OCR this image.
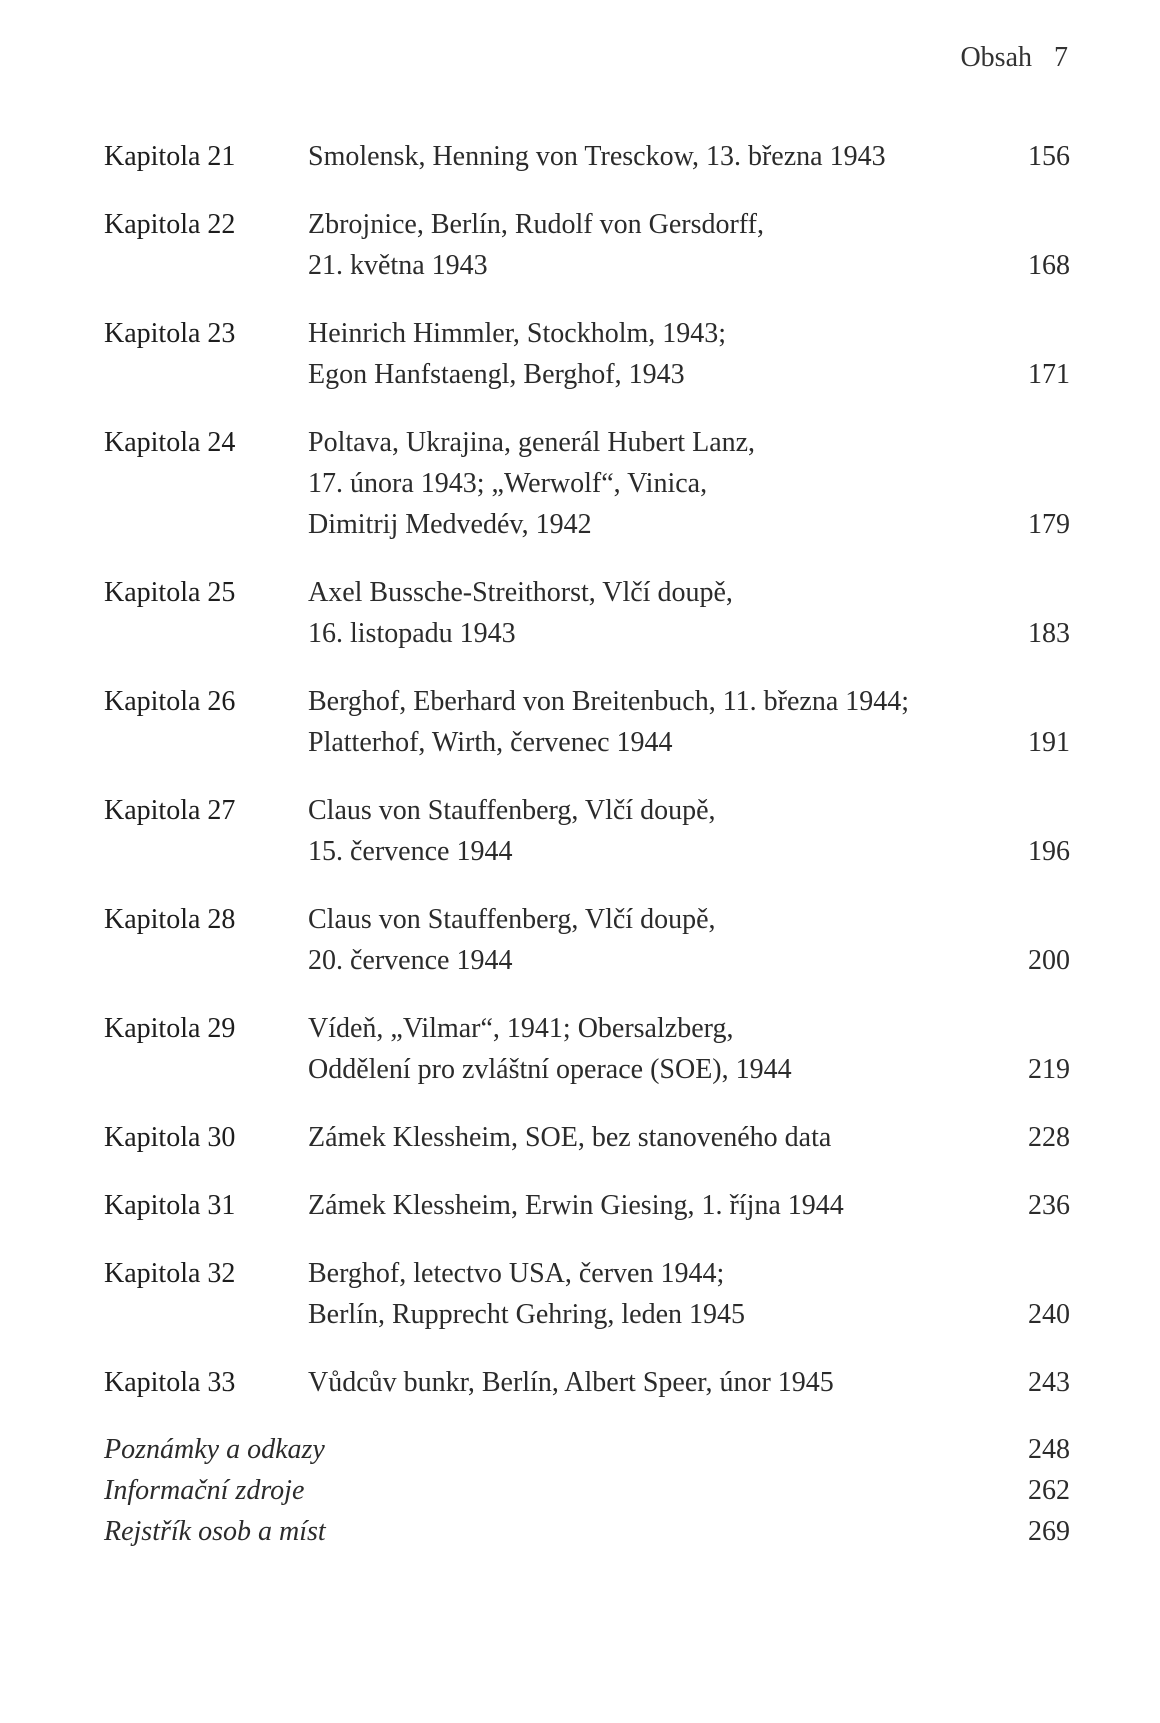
Obsah 7
Kapitola 21	Smolensk, Henning von Tresckow, 13. března 1943	156
Kapitola 22	Zbrojnice, Berlín, Rudolf von Gersdorff,
21. května 1943	168
Kapitola 23	Heinrich Himmler, Stockholm, 1943;
Egon Hanfstaengl, Berghof, 1943	171
Kapitola 24	Poltava, Ukrajina, generál Hubert Lanz,
17. února 1943; „Werwolf“, Vinica,
Dimitrij Medvedév, 1942	179
Kapitola 25	Axel Bussche-Streithorst, Vlčí doupě,
16. listopadu 1943	183
Kapitola 26	Berghof, Eberhard von Breitenbuch, 11. března 1944;
Platterhof, Wirth, červenec 1944	191
Kapitola 27	Claus von Stauffenberg, Vlčí doupě,
15. července 1944	196
Kapitola 28	Claus von Stauffenberg, Vlčí doupě,
20. července 1944	200
Kapitola 29	Vídeň, „Vilmar“, 1941; Obersalzberg,
Oddělení pro zvláštní operace (SOE), 1944	219
Kapitola 30	Zámek Klessheim, SOE, bez stanoveného data	228
Kapitola 31	Zámek Klessheim, Erwin Giesing, 1. října 1944	236
Kapitola 32	Berghof, letectvo USA, červen 1944;
Berlín, Rupprecht Gehring, leden 1945	240
Kapitola 33	Vůdcův bunkr, Berlín, Albert Speer, únor 1945	243
Poznámky a odkazy	248
Informační zdroje	262
Rejstřík osob a míst	269
